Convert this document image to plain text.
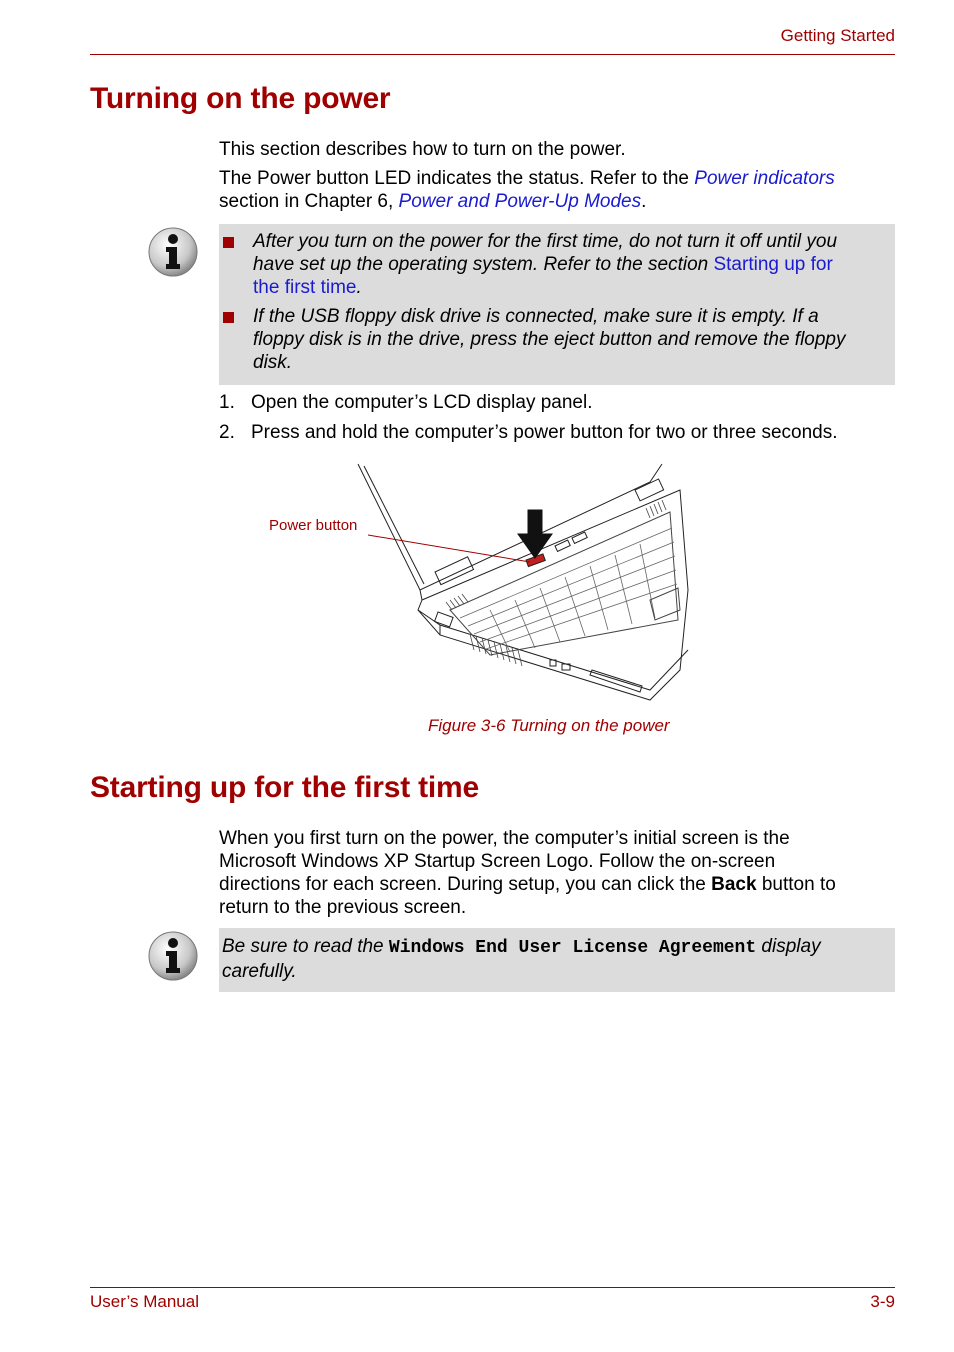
Getting Started
Turning on the power

This section describes how to turn on the power.

The Power button LED indicates the status. Refer to the Power indicators
section in Chapter 6, Power and Power-Up Modes.

After you turn on the power for the first time, do not turn it off until you
have set up the operating system. Refer to the section Starting up for
the first time.
If the USB floppy disk drive is connected, make sure it is empty. If a
floppy disk is in the drive, press the eject button and remove the floppy
disk.
1. Open the computer’s LCD display panel.
2. Press and hold the computer’s power button for two or three seconds.
Power button
Figure 3-6 Turning on the power
Starting up for the first time

When you first turn on the power, the computer’s initial screen is the
Microsoft Windows XP Startup Screen Logo. Follow the on-screen
directions for each screen. During setup, you can click the Back button to
return to the previous screen.

Be sure to read the Windows End User License Agreement display
carefully.
User’s Manual	3-9
